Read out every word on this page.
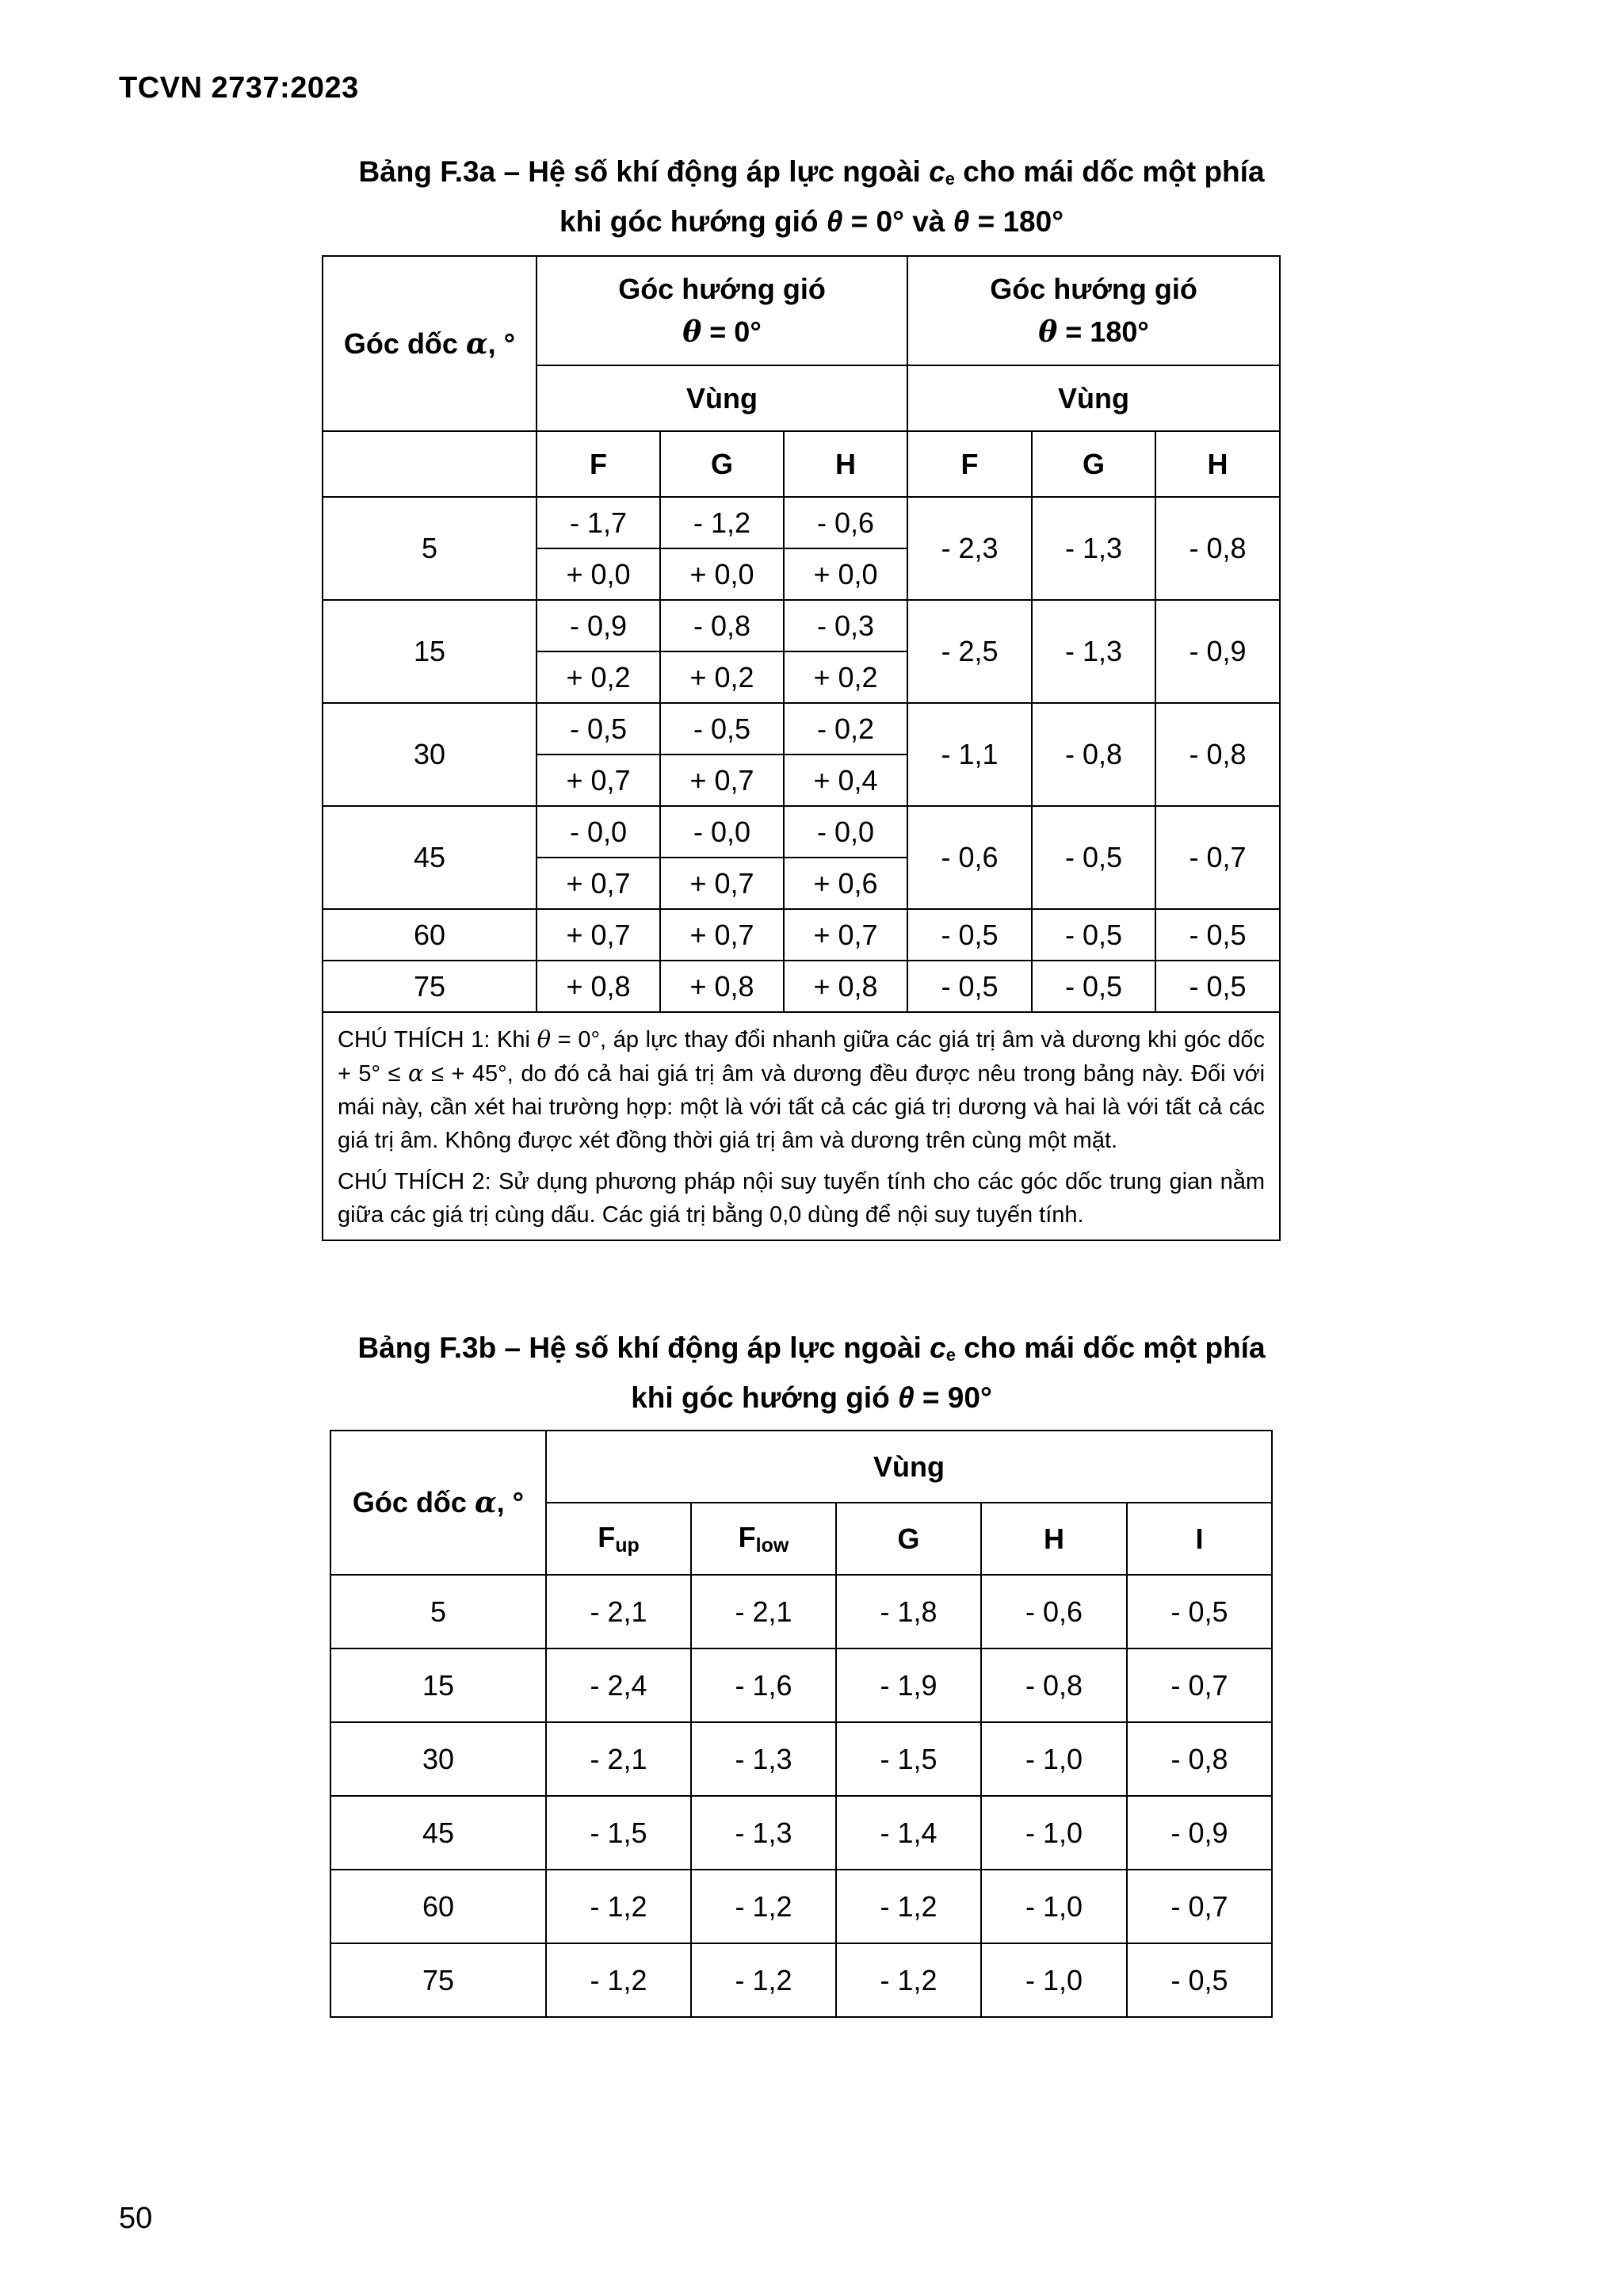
TCVN 2737:2023
Bảng F.3a – Hệ số khí động áp lực ngoài $c_e$ cho mái dốc một phía
khi góc hướng gió θ = 0° và θ = 180°
Góc dốc α, °	Góc hướng gió
θ = 0°			Góc hướng gió
θ = 180°		

	Vùng			Vùng		
	F	G	H	F	G	H
5	- 1,7	- 1,2	- 0,6	- 2,3	- 1,3	- 0,8
	+ 0,0	+ 0,0	+ 0,0			
15	- 0,9	- 0,8	- 0,3	- 2,5	- 1,3	- 0,9
	+ 0,2	+ 0,2	+ 0,2			
30	- 0,5	- 0,5	- 0,2	- 1,1	- 0,8	- 0,8
	+ 0,7	+ 0,7	+ 0,4			
45	- 0,0	- 0,0	- 0,0	- 0,6	- 0,5	- 0,7
	+ 0,7	+ 0,7	+ 0,6			
60	+ 0,7	+ 0,7	+ 0,7	- 0,5	- 0,5	- 0,5
75	+ 0,8	+ 0,8	+ 0,8	- 0,5	- 0,5	- 0,5

CHÚ THÍCH 1: Khi θ = 0°, áp lực thay đổi nhanh giữa các giá trị âm và dương khi góc dốc + 5° ≤ α ≤ + 45°, do đó cả hai giá trị âm và dương đều được nêu trong bảng này. Đối với mái này, cần xét hai trường hợp: một là với tất cả các giá trị dương và hai là với tất cả các giá trị âm. Không được xét đồng thời giá trị âm và dương trên cùng một mặt.

CHÚ THÍCH 2: Sử dụng phương pháp nội suy tuyến tính cho các góc dốc trung gian nằm giữa các giá trị cùng dấu. Các giá trị bằng 0,0 dùng để nội suy tuyến tính.						

Bảng F.3b – Hệ số khí động áp lực ngoài $c_e$ cho mái dốc một phía
khi góc hướng gió θ = 90°
Góc dốc α, °	Vùng				
	$F_{up}$	$F_{low}$	G	H	I
5	- 2,1	- 2,1	- 1,8	- 0,6	- 0,5
15	- 2,4	- 1,6	- 1,9	- 0,8	- 0,7
30	- 2,1	- 1,3	- 1,5	- 1,0	- 0,8
45	- 1,5	- 1,3	- 1,4	- 1,0	- 0,9
60	- 1,2	- 1,2	- 1,2	- 1,0	- 0,7
75	- 1,2	- 1,2	- 1,2	- 1,0	- 0,5
50
